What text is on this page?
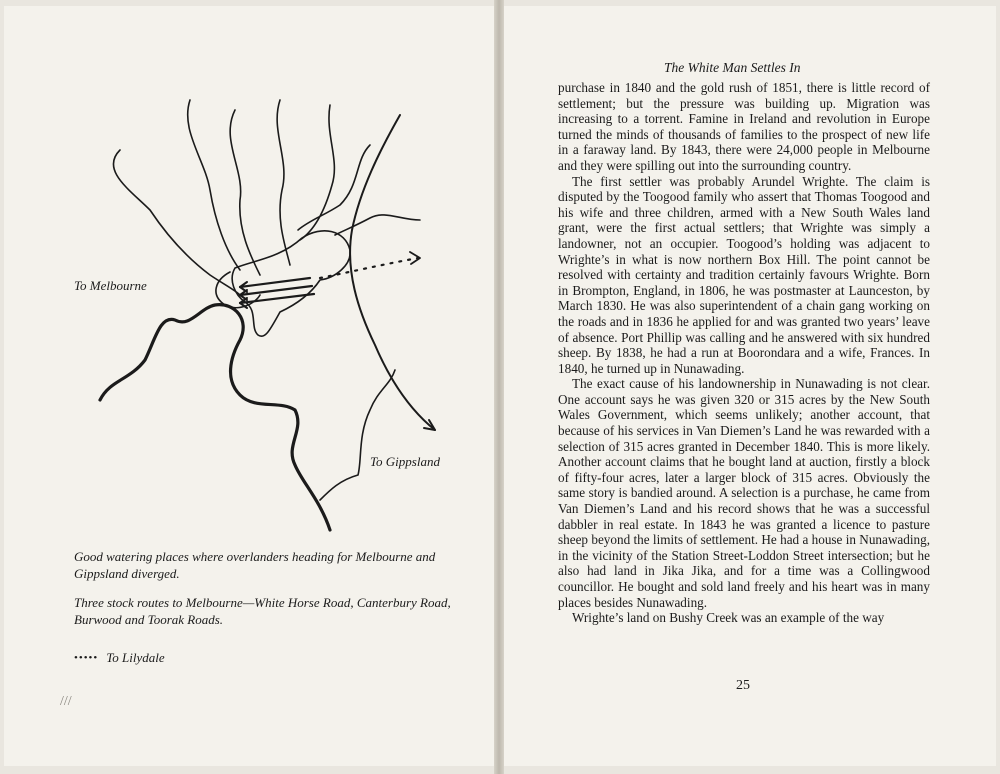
To Melbourne
To Gippsland
Good watering places where overlanders heading for Melbourne and Gippsland diverged.
Three stock routes to Melbourne—White Horse Road, Canterbury Road, Burwood and Toorak Roads.
••••• To Lilydale
///
The White Man Settles In

purchase in 1840 and the gold rush of 1851, there is little record of settlement; but the pressure was building up. Migration was increasing to a torrent. Famine in Ireland and revolution in Europe turned the minds of thousands of families to the prospect of new life in a faraway land. By 1843, there were 24,000 people in Melbourne and they were spilling out into the surrounding country.

The first settler was probably Arundel Wrighte. The claim is disputed by the Toogood family who assert that Thomas Toogood and his wife and three children, armed with a New South Wales land grant, were the first actual settlers; that Wrighte was simply a landowner, not an occupier. Toogood’s holding was adjacent to Wrighte’s in what is now northern Box Hill. The point cannot be resolved with certainty and tradition certainly favours Wrighte. Born in Brompton, England, in 1806, he was postmaster at Launceston, by March 1830. He was also superintendent of a chain gang working on the roads and in 1836 he applied for and was granted two years’ leave of absence. Port Phillip was calling and he answered with six hundred sheep. By 1838, he had a run at Boorondara and a wife, Frances. In 1840, he turned up in Nunawading.

The exact cause of his landownership in Nunawading is not clear. One account says he was given 320 or 315 acres by the New South Wales Government, which seems unlikely; another account, that because of his services in Van Diemen’s Land he was rewarded with a selection of 315 acres granted in December 1840. This is more likely. Another account claims that he bought land at auction, firstly a block of fifty-four acres, later a larger block of 315 acres. Obviously the same story is bandied around. A selection is a purchase, he came from Van Diemen’s Land and his record shows that he was a successful dabbler in real estate. In 1843 he was granted a licence to pasture sheep beyond the limits of settlement. He had a house in Nunawading, in the vicinity of the Station Street-Loddon Street intersection; but he also had land in Jika Jika, and for a time was a Collingwood councillor. He bought and sold land freely and his heart was in many places besides Nunawading.

Wrighte’s land on Bushy Creek was an example of the way

25
